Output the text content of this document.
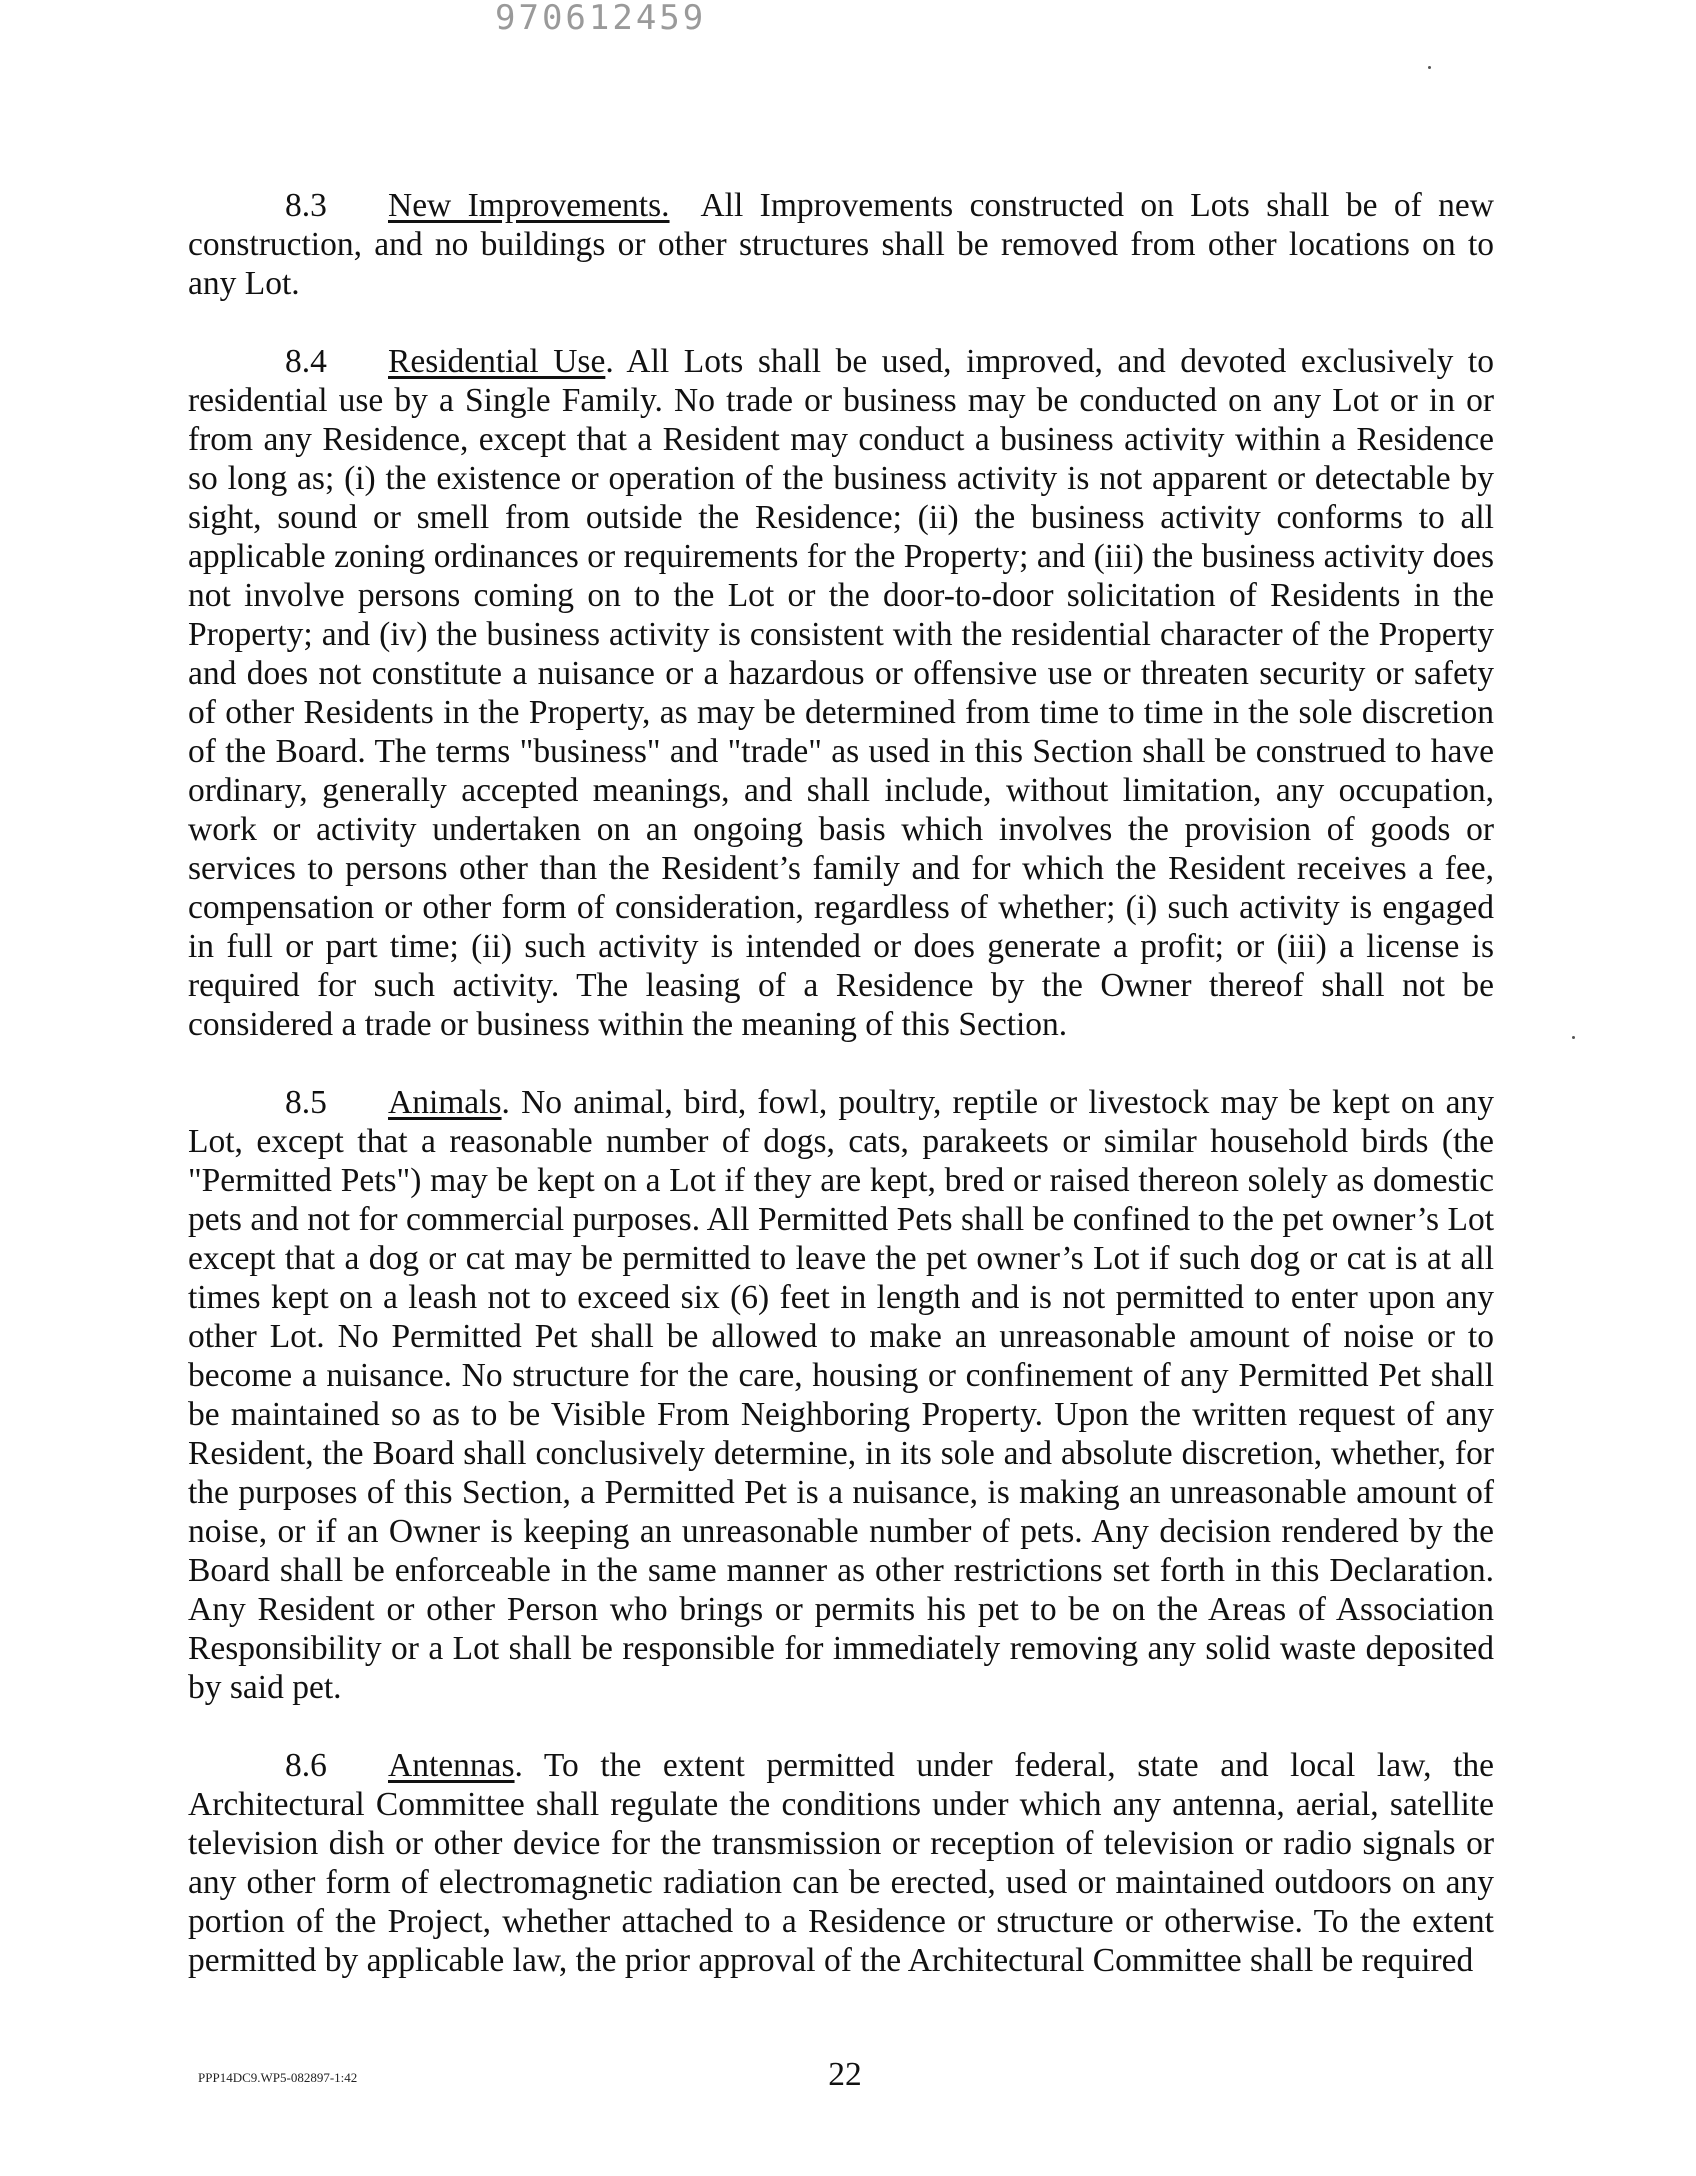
970612459

8.3 New Improvements. All Improvements constructed on Lots shall be of new construction, and no buildings or other structures shall be removed from other locations on to any Lot.

8.4 Residential Use. All Lots shall be used, improved, and devoted exclusively to residential use by a Single Family. No trade or business may be conducted on any Lot or in or from any Residence, except that a Resident may conduct a business activity within a Residence so long as; (i) the existence or operation of the business activity is not apparent or detectable by sight, sound or smell from outside the Residence; (ii) the business activity conforms to all applicable zoning ordinances or requirements for the Property; and (iii) the business activity does not involve persons coming on to the Lot or the door-to-door solicitation of Residents in the Property; and (iv) the business activity is consistent with the residential character of the Property and does not constitute a nuisance or a hazardous or offensive use or threaten security or safety of other Residents in the Property, as may be determined from time to time in the sole discretion of the Board. The terms "business" and "trade" as used in this Section shall be construed to have ordinary, generally accepted meanings, and shall include, without limitation, any occupation, work or activity undertaken on an ongoing basis which involves the provision of goods or services to persons other than the Resident’s family and for which the Resident receives a fee, compensation or other form of consideration, regardless of whether; (i) such activity is engaged in full or part time; (ii) such activity is intended or does generate a profit; or (iii) a license is required for such activity. The leasing of a Residence by the Owner thereof shall not be considered a trade or business within the meaning of this Section.

8.5 Animals. No animal, bird, fowl, poultry, reptile or livestock may be kept on any Lot, except that a reasonable number of dogs, cats, parakeets or similar household birds (the "Permitted Pets") may be kept on a Lot if they are kept, bred or raised thereon solely as domestic pets and not for commercial purposes. All Permitted Pets shall be confined to the pet owner’s Lot except that a dog or cat may be permitted to leave the pet owner’s Lot if such dog or cat is at all times kept on a leash not to exceed six (6) feet in length and is not permitted to enter upon any other Lot. No Permitted Pet shall be allowed to make an unreasonable amount of noise or to become a nuisance. No structure for the care, housing or confinement of any Permitted Pet shall be maintained so as to be Visible From Neighboring Property. Upon the written request of any Resident, the Board shall conclusively determine, in its sole and absolute discretion, whether, for the purposes of this Section, a Permitted Pet is a nuisance, is making an unreasonable amount of noise, or if an Owner is keeping an unreasonable number of pets. Any decision rendered by the Board shall be enforceable in the same manner as other restrictions set forth in this Declaration. Any Resident or other Person who brings or permits his pet to be on the Areas of Association Responsibility or a Lot shall be responsible for immediately removing any solid waste deposited by said pet.

8.6 Antennas. To the extent permitted under federal, state and local law, the Architectural Committee shall regulate the conditions under which any antenna, aerial, satellite television dish or other device for the transmission or reception of television or radio signals or any other form of electromagnetic radiation can be erected, used or maintained outdoors on any portion of the Project, whether attached to a Residence or structure or otherwise. To the extent permitted by applicable law, the prior approval of the Architectural Committee shall be required

PPP14DC9.WP5-082897-1:42	22
